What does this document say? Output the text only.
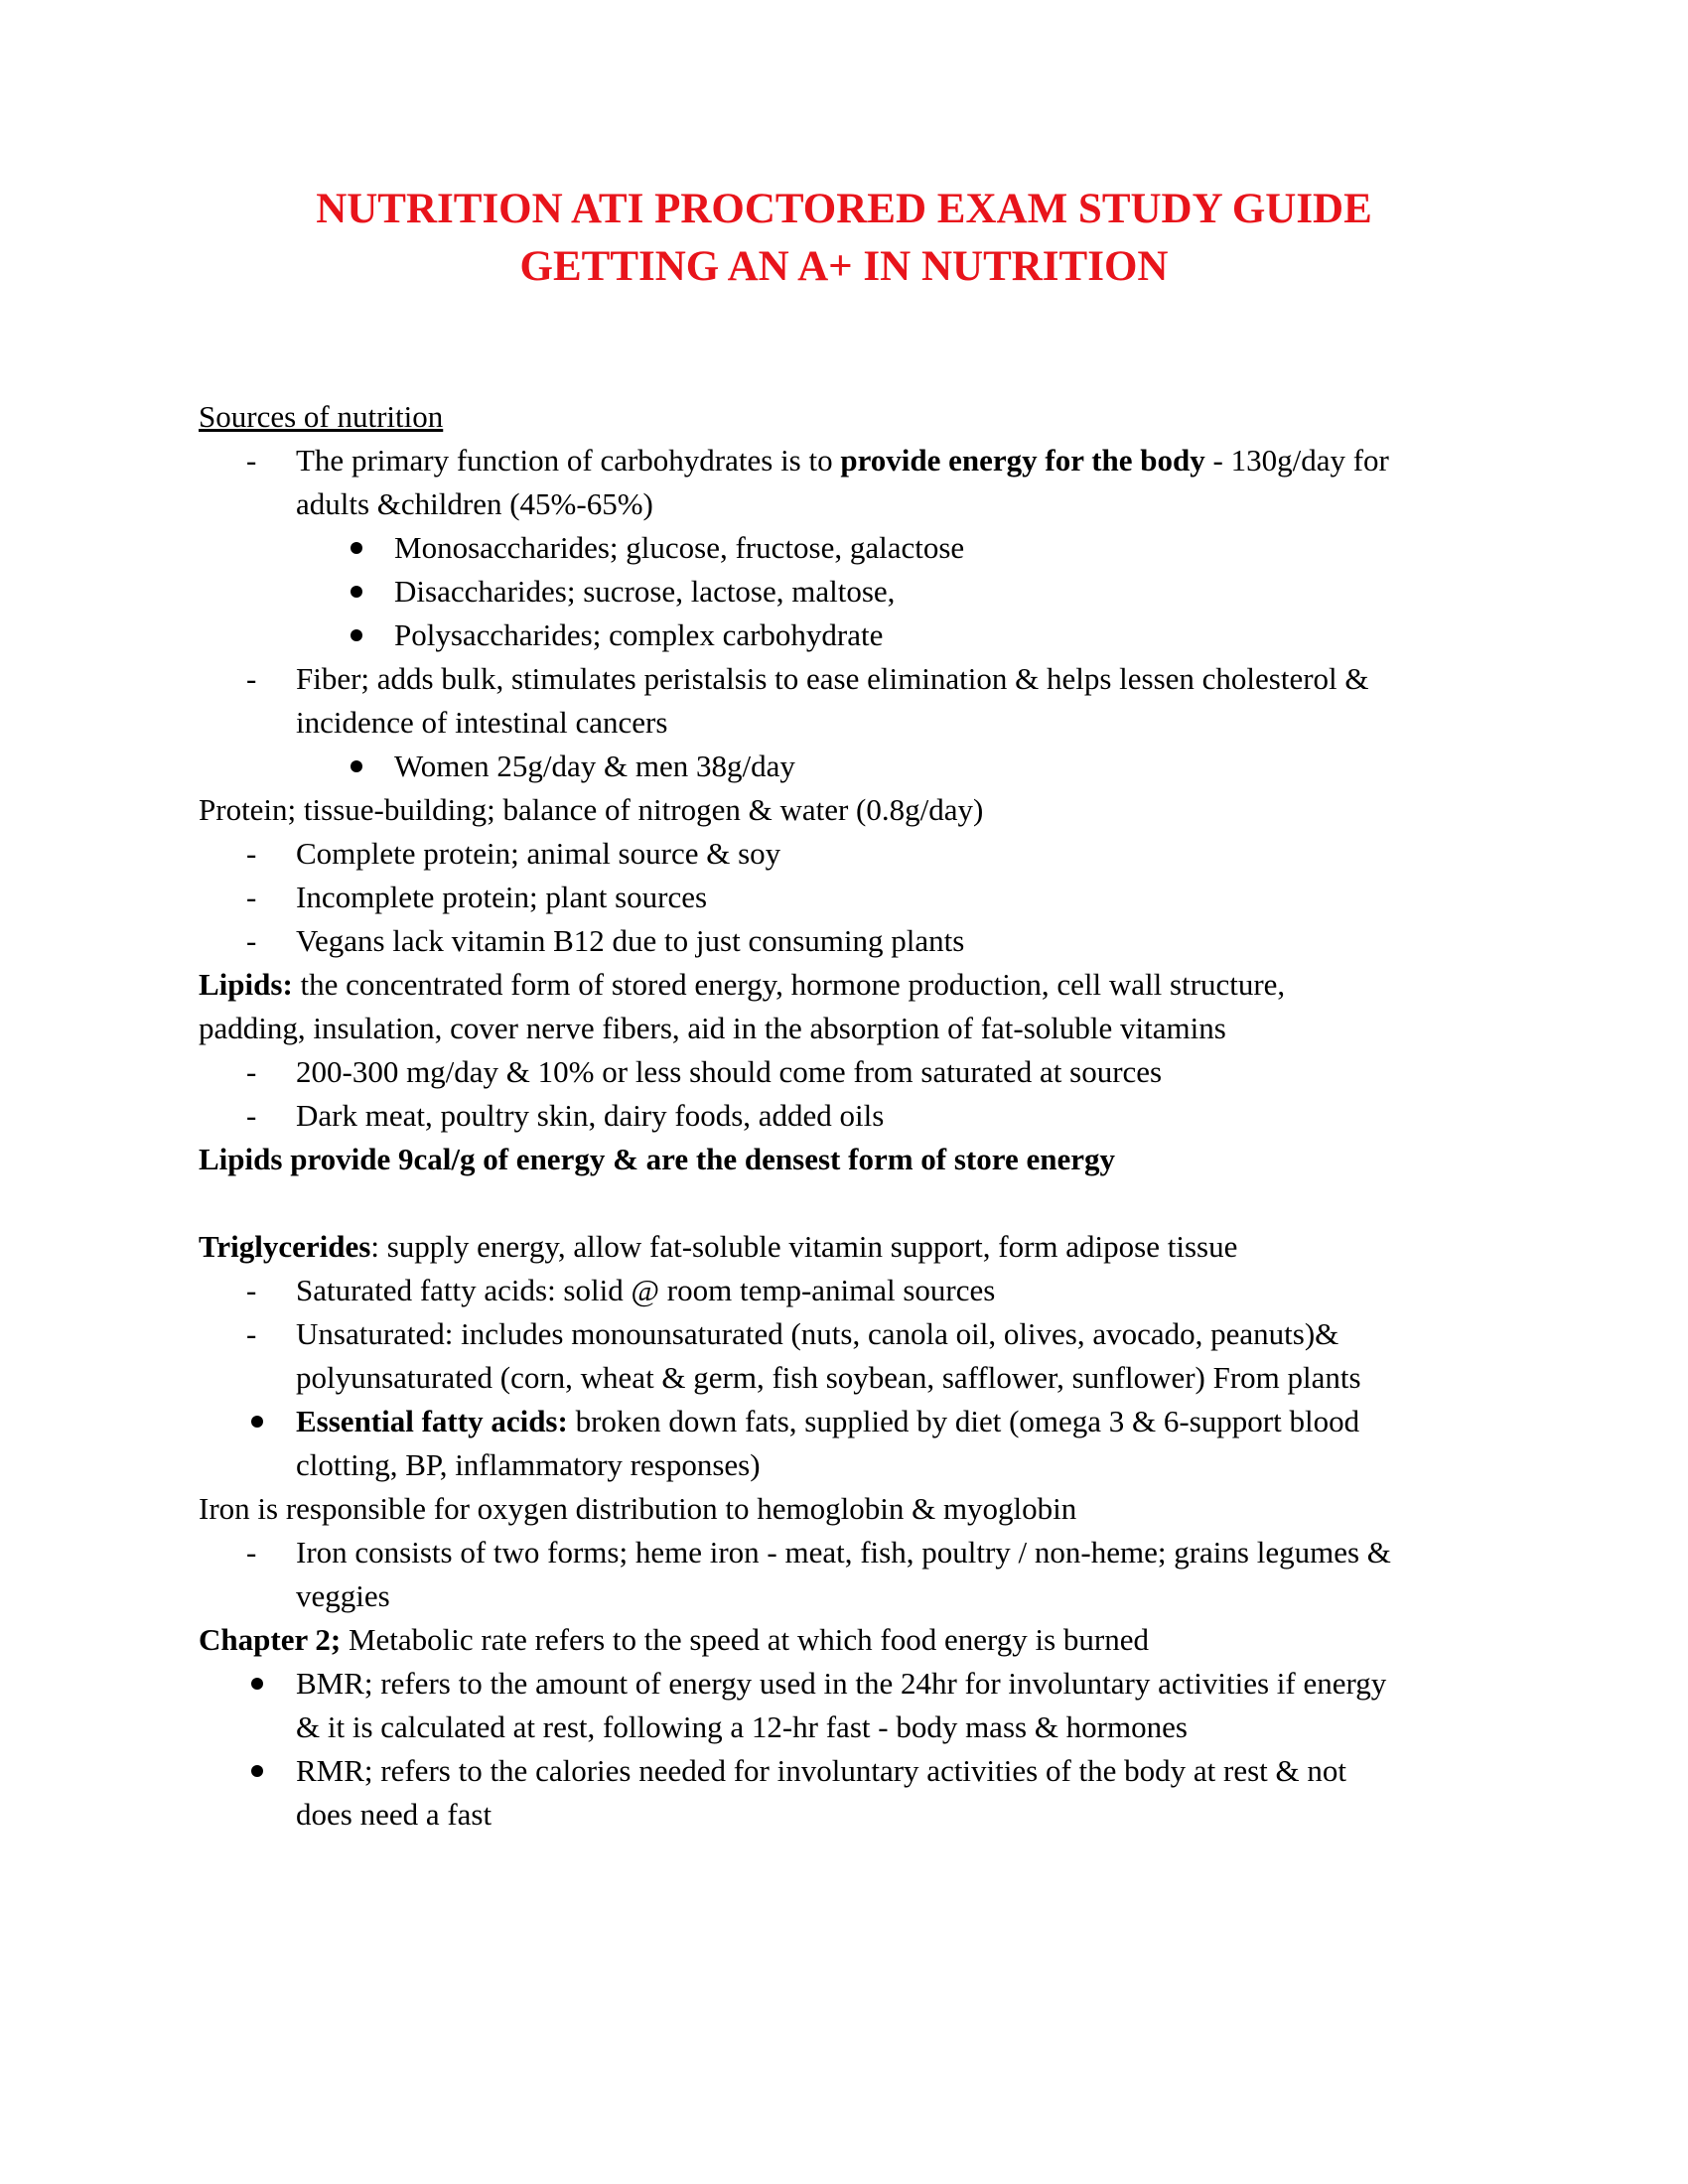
NUTRITION ATI PROCTORED EXAM STUDY GUIDE
GETTING AN A+ IN NUTRITION
Sources of nutrition
- The primary function of carbohydrates is to provide energy for the body - 130g/day for
adults &children (45%-65%)
Monosaccharides; glucose, fructose, galactose
Disaccharides; sucrose, lactose, maltose,
Polysaccharides; complex carbohydrate
- Fiber; adds bulk, stimulates peristalsis to ease elimination & helps lessen cholesterol &
incidence of intestinal cancers
Women 25g/day & men 38g/day
Protein; tissue-building; balance of nitrogen & water (0.8g/day)
- Complete protein; animal source & soy
- Incomplete protein; plant sources
- Vegans lack vitamin B12 due to just consuming plants
Lipids: the concentrated form of stored energy, hormone production, cell wall structure,
padding, insulation, cover nerve fibers, aid in the absorption of fat-soluble vitamins
- 200-300 mg/day & 10% or less should come from saturated at sources
- Dark meat, poultry skin, dairy foods, added oils
Lipids provide 9cal/g of energy & are the densest form of store energy
Triglycerides: supply energy, allow fat-soluble vitamin support, form adipose tissue
- Saturated fatty acids: solid @ room temp-animal sources
- Unsaturated: includes monounsaturated (nuts, canola oil, olives, avocado, peanuts)&
polyunsaturated (corn, wheat & germ, fish soybean, safflower, sunflower) From plants
Essential fatty acids: broken down fats, supplied by diet (omega 3 & 6-support blood
clotting, BP, inflammatory responses)
Iron is responsible for oxygen distribution to hemoglobin & myoglobin
- Iron consists of two forms; heme iron - meat, fish, poultry / non-heme; grains legumes &
veggies
Chapter 2; Metabolic rate refers to the speed at which food energy is burned
BMR; refers to the amount of energy used in the 24hr for involuntary activities if energy
& it is calculated at rest, following a 12-hr fast - body mass & hormones
RMR; refers to the calories needed for involuntary activities of the body at rest & not
does need a fast
